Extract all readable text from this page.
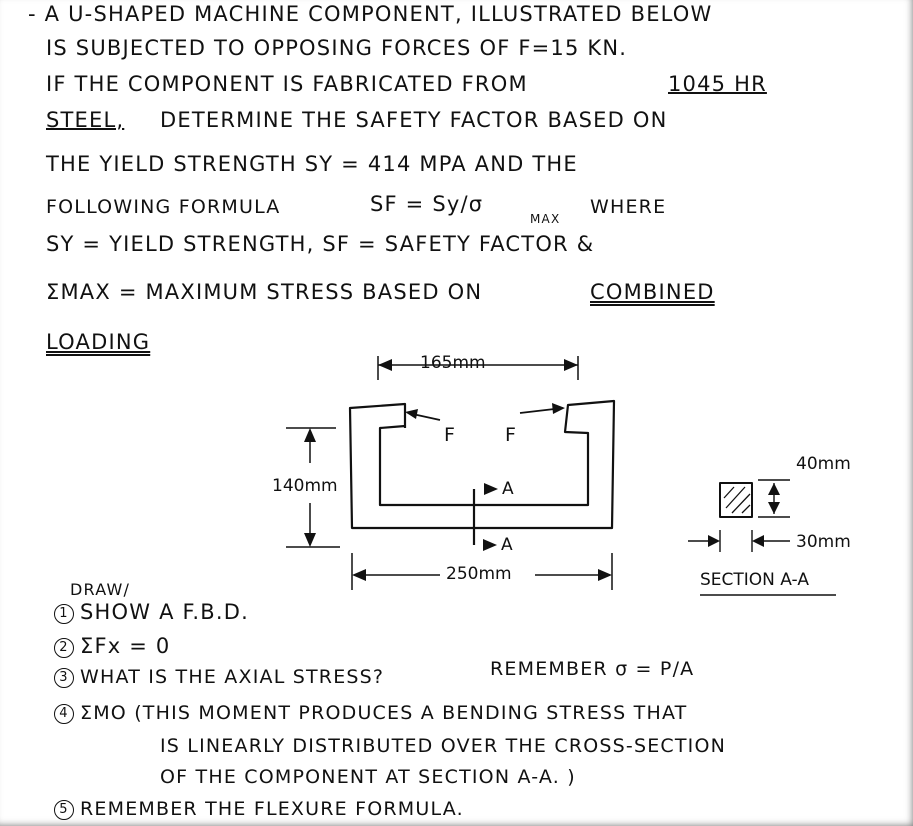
- A U-SHAPED MACHINE COMPONENT, ILLUSTRATED BELOW
IS SUBJECTED TO OPPOSING FORCES OF F=15 KN.
IF THE COMPONENT IS FABRICATED FROM	1045 HR
STEEL, DETERMINE THE SAFETY FACTOR BASED ON
THE YIELD STRENGTH SY = 414 MPA AND THE
FOLLOWING FORMULA	SF = Sy/σ
MAX
WHERE
SY = YIELD STRENGTH, SF = SAFETY FACTOR &
ΣMAX = MAXIMUM STRESS BASED ON	COMBINED
LOADING
165mm
140mm
250mm
F	F
A
A
40mm
30mm
SECTION A-A
DRAW/
1 SHOW A F.B.D.
2 ΣFx = 0
3 WHAT IS THE AXIAL STRESS?	REMEMBER σ = P/A
4 ΣMO (THIS MOMENT PRODUCES A BENDING STRESS THAT
IS LINEARLY DISTRIBUTED OVER THE CROSS-SECTION
OF THE COMPONENT AT SECTION A-A. )
5 REMEMBER THE FLEXURE FORMULA.
